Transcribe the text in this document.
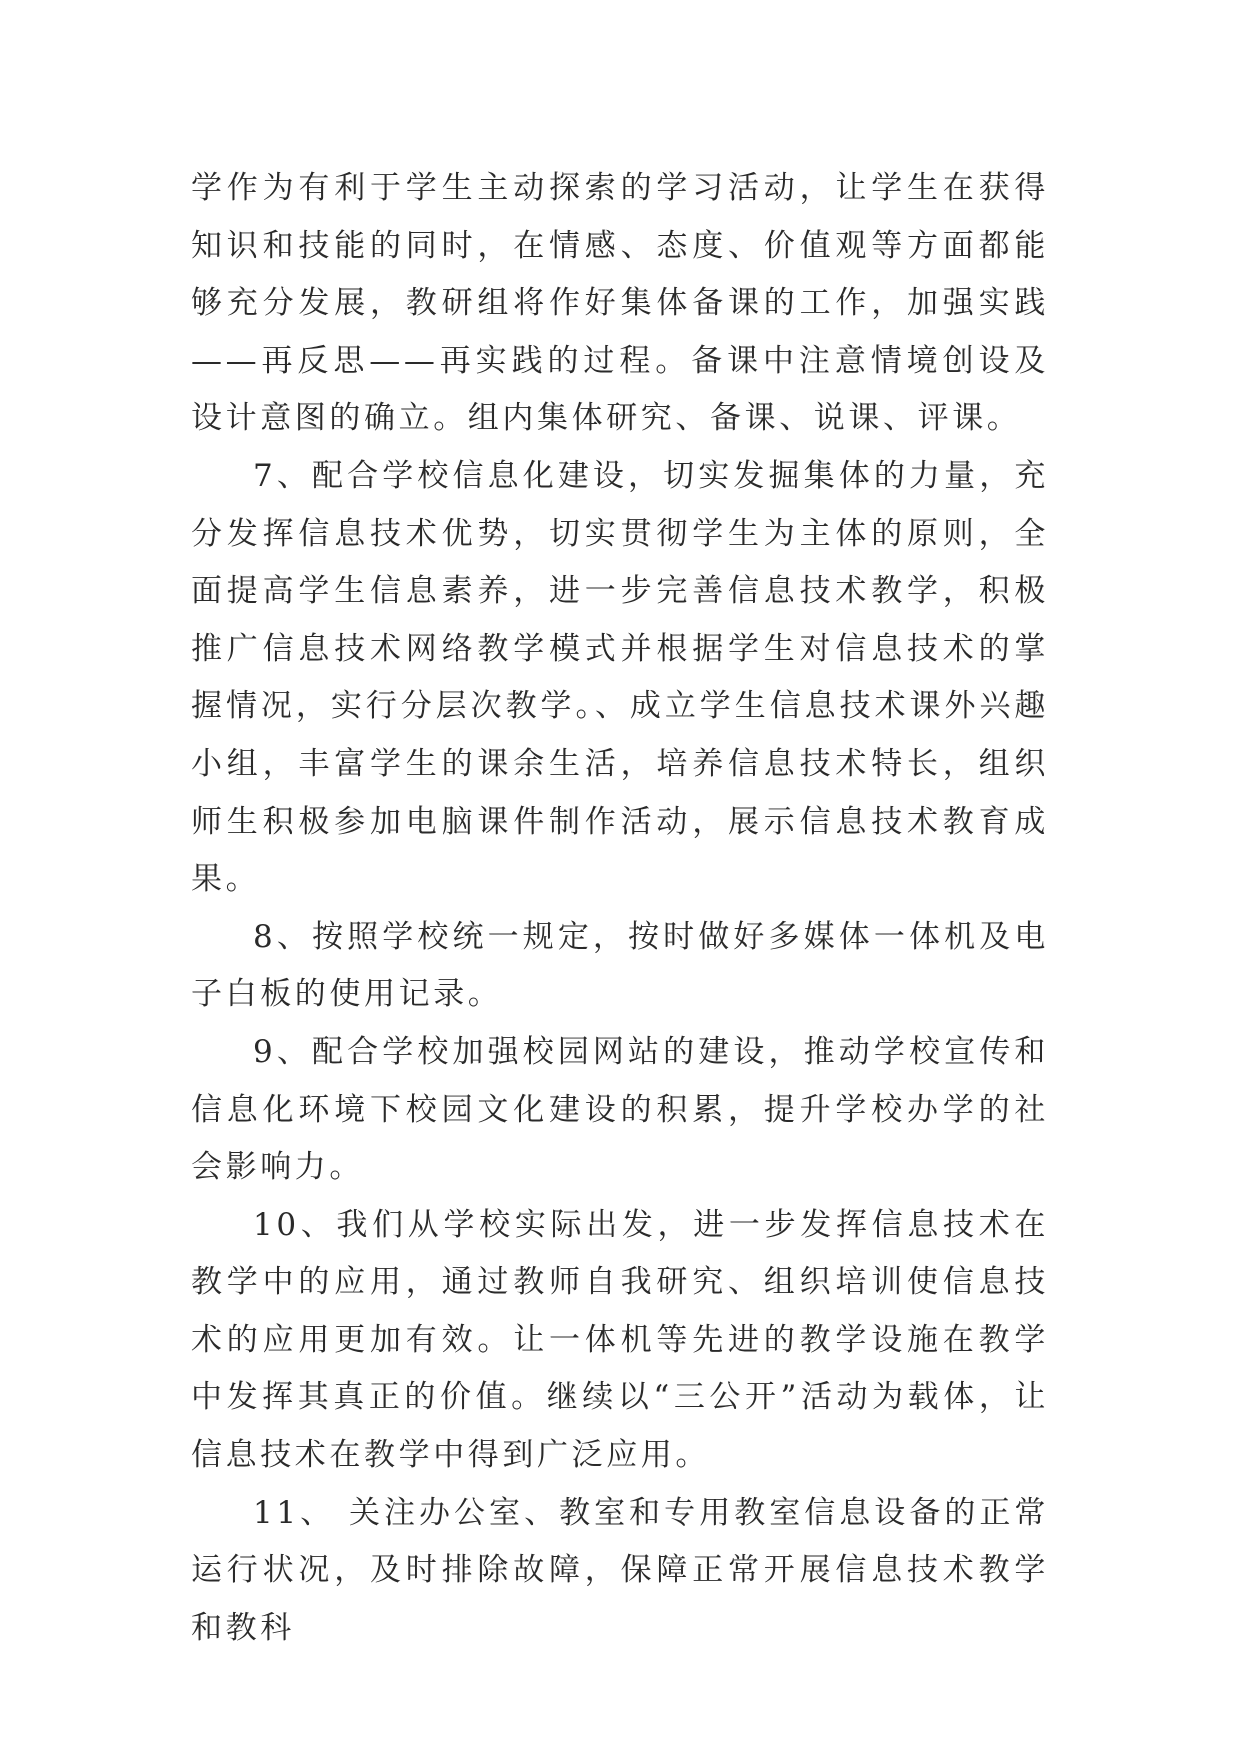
学作为有利于学生主动探索的学习活动，让学生在获得知识和技能的同时，在情感、态度、价值观等方面都能够充分发展，教研组将作好集体备课的工作，加强实践——再反思——再实践的过程。备课中注意情境创设及设计意图的确立。组内集体研究、备课、说课、评课。

7、配合学校信息化建设，切实发掘集体的力量，充分发挥信息技术优势，切实贯彻学生为主体的原则，全面提高学生信息素养，进一步完善信息技术教学，积极推广信息技术网络教学模式并根据学生对信息技术的掌握情况，实行分层次教学。、成立学生信息技术课外兴趣小组，丰富学生的课余生活，培养信息技术特长，组织师生积极参加电脑课件制作活动，展示信息技术教育成果。

8、按照学校统一规定，按时做好多媒体一体机及电子白板的使用记录。

9、配合学校加强校园网站的建设，推动学校宣传和信息化环境下校园文化建设的积累，提升学校办学的社会影响力。

10、我们从学校实际出发，进一步发挥信息技术在教学中的应用，通过教师自我研究、组织培训使信息技术的应用更加有效。让一体机等先进的教学设施在教学中发挥其真正的价值。继续以“三公开”活动为载体，让信息技术在教学中得到广泛应用。

11、 关注办公室、教室和专用教室信息设备的正常运行状况，及时排除故障，保障正常开展信息技术教学和教科
